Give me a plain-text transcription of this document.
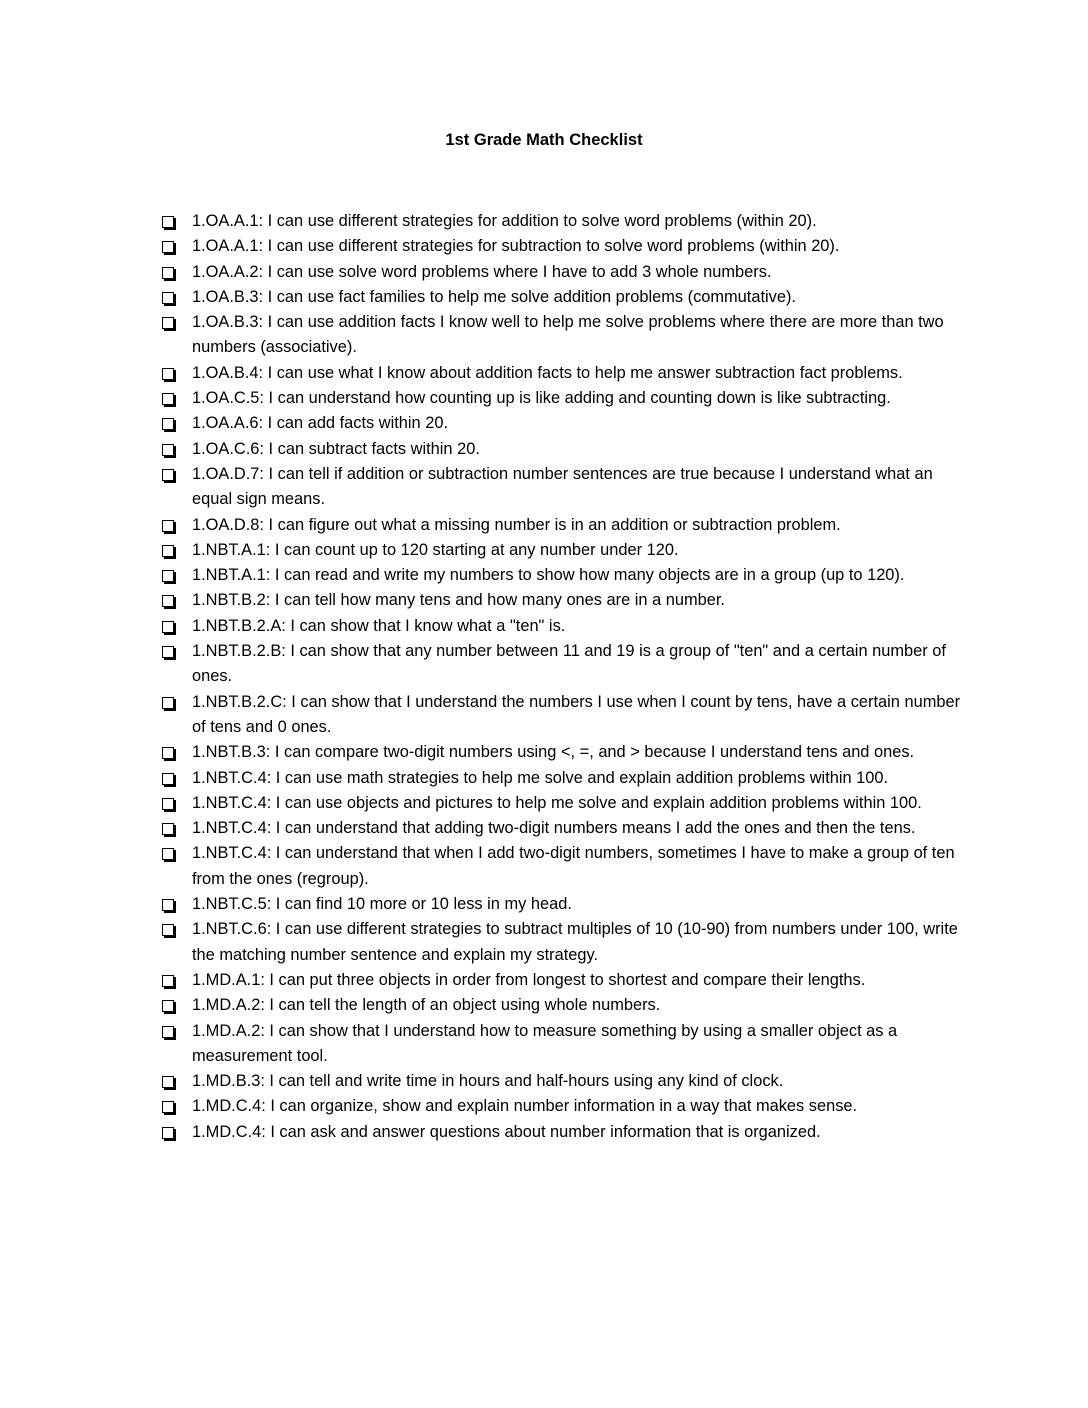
1st Grade Math Checklist
1.OA.A.1: I can use different strategies for addition to solve word problems (within 20).
1.OA.A.1: I can use different strategies for subtraction to solve word problems (within 20).
1.OA.A.2: I can use solve word problems where I have to add 3 whole numbers.
1.OA.B.3: I can use fact families to help me solve addition problems (commutative).
1.OA.B.3: I can use addition facts I know well to help me solve problems where there are more than two numbers (associative).
1.OA.B.4: I can use what I know about addition facts to help me answer subtraction fact problems.
1.OA.C.5: I can understand how counting up is like adding and counting down is like subtracting.
1.OA.A.6: I can add facts within 20.
1.OA.C.6: I can subtract facts within 20.
1.OA.D.7: I can tell if addition or subtraction number sentences are true because I understand what an equal sign means.
1.OA.D.8: I can figure out what a missing number is in an addition or subtraction problem.
1.NBT.A.1: I can count up to 120 starting at any number under 120.
1.NBT.A.1: I can read and write my numbers to show how many objects are in a group (up to 120).
1.NBT.B.2: I can tell how many tens and how many ones are in a number.
1.NBT.B.2.A: I can show that I know what a "ten" is.
1.NBT.B.2.B: I can show that any number between 11 and 19 is a group of "ten" and a certain number of ones.
1.NBT.B.2.C: I can show that I understand the numbers I use when I count by tens, have a certain number of tens and 0 ones.
1.NBT.B.3: I can compare two-digit numbers using <, =, and > because I understand tens and ones.
1.NBT.C.4: I can use math strategies to help me solve and explain addition problems within 100.
1.NBT.C.4: I can use objects and pictures to help me solve and explain addition problems within 100.
1.NBT.C.4: I can understand that adding two-digit numbers means I add the ones and then the tens.
1.NBT.C.4: I can understand that when I add two-digit numbers, sometimes I have to make a group of ten from the ones (regroup).
1.NBT.C.5: I can find 10 more or 10 less in my head.
1.NBT.C.6: I can use different strategies to subtract multiples of 10 (10-90) from numbers under 100, write the matching number sentence and explain my strategy.
1.MD.A.1: I can put three objects in order from longest to shortest and compare their lengths.
1.MD.A.2: I can tell the length of an object using whole numbers.
1.MD.A.2: I can show that I understand how to measure something by using a smaller object as a measurement tool.
1.MD.B.3: I can tell and write time in hours and half-hours using any kind of clock.
1.MD.C.4: I can organize, show and explain number information in a way that makes sense.
1.MD.C.4: I can ask and answer questions about number information that is organized.
